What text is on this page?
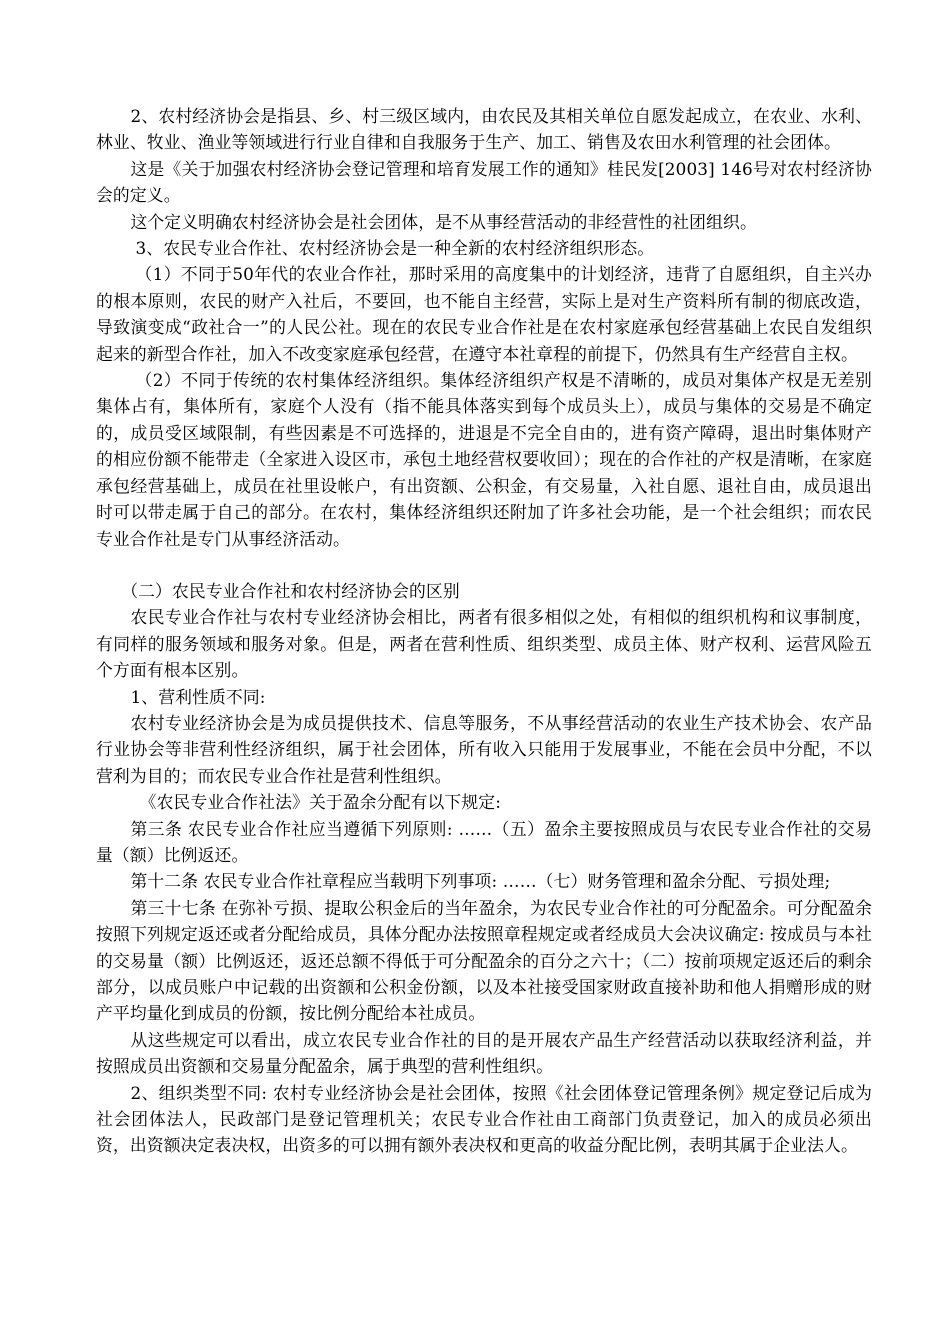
2、农村经济协会是指县、乡、村三级区域内，由农民及其相关单位自愿发起成立，在农业、水利、林业、牧业、渔业等领域进行行业自律和自我服务于生产、加工、销售及农田水利管理的社会团体。

这是《关于加强农村经济协会登记管理和培育发展工作的通知》桂民发[2003] 146号对农村经济协会的定义。

这个定义明确农村经济协会是社会团体，是不从事经营活动的非经营性的社团组织。

3、农民专业合作社、农村经济协会是一种全新的农村经济组织形态。

（1）不同于50年代的农业合作社，那时采用的高度集中的计划经济，违背了自愿组织，自主兴办的根本原则，农民的财产入社后，不要回，也不能自主经营，实际上是对生产资料所有制的彻底改造，导致演变成“政社合一”的人民公社。现在的农民专业合作社是在农村家庭承包经营基础上农民自发组织起来的新型合作社，加入不改变家庭承包经营，在遵守本社章程的前提下，仍然具有生产经营自主权。

（2）不同于传统的农村集体经济组织。集体经济组织产权是不清晰的，成员对集体产权是无差别集体占有，集体所有，家庭个人没有（指不能具体落实到每个成员头上），成员与集体的交易是不确定的，成员受区域限制，有些因素是不可选择的，进退是不完全自由的，进有资产障碍，退出时集体财产的相应份额不能带走（全家进入设区市，承包土地经营权要收回）；现在的合作社的产权是清晰，在家庭承包经营基础上，成员在社里设帐户，有出资额、公积金，有交易量，入社自愿、退社自由，成员退出时可以带走属于自己的部分。在农村，集体经济组织还附加了许多社会功能，是一个社会组织；而农民专业合作社是专门从事经济活动。

（二）农民专业合作社和农村经济协会的区别

农民专业合作社与农村专业经济协会相比，两者有很多相似之处，有相似的组织机构和议事制度，有同样的服务领域和服务对象。但是，两者在营利性质、组织类型、成员主体、财产权利、运营风险五个方面有根本区别。

1、营利性质不同:

农村专业经济协会是为成员提供技术、信息等服务，不从事经营活动的农业生产技术协会、农产品行业协会等非营利性经济组织，属于社会团体，所有收入只能用于发展事业，不能在会员中分配，不以营利为目的；而农民专业合作社是营利性组织。

《农民专业合作社法》关于盈余分配有以下规定:

第三条 农民专业合作社应当遵循下列原则: ……（五）盈余主要按照成员与农民专业合作社的交易量（额）比例返还。

第十二条 农民专业合作社章程应当载明下列事项: ……（七）财务管理和盈余分配、亏损处理;

第三十七条 在弥补亏损、提取公积金后的当年盈余，为农民专业合作社的可分配盈余。可分配盈余按照下列规定返还或者分配给成员，具体分配办法按照章程规定或者经成员大会决议确定: 按成员与本社的交易量（额）比例返还，返还总额不得低于可分配盈余的百分之六十；（二）按前项规定返还后的剩余部分，以成员账户中记载的出资额和公积金份额，以及本社接受国家财政直接补助和他人捐赠形成的财产平均量化到成员的份额，按比例分配给本社成员。

从这些规定可以看出，成立农民专业合作社的目的是开展农产品生产经营活动以获取经济利益，并按照成员出资额和交易量分配盈余，属于典型的营利性组织。

2、组织类型不同: 农村专业经济协会是社会团体，按照《社会团体登记管理条例》规定登记后成为社会团体法人，民政部门是登记管理机关；农民专业合作社由工商部门负责登记，加入的成员必须出资，出资额决定表决权，出资多的可以拥有额外表决权和更高的收益分配比例，表明其属于企业法人。
